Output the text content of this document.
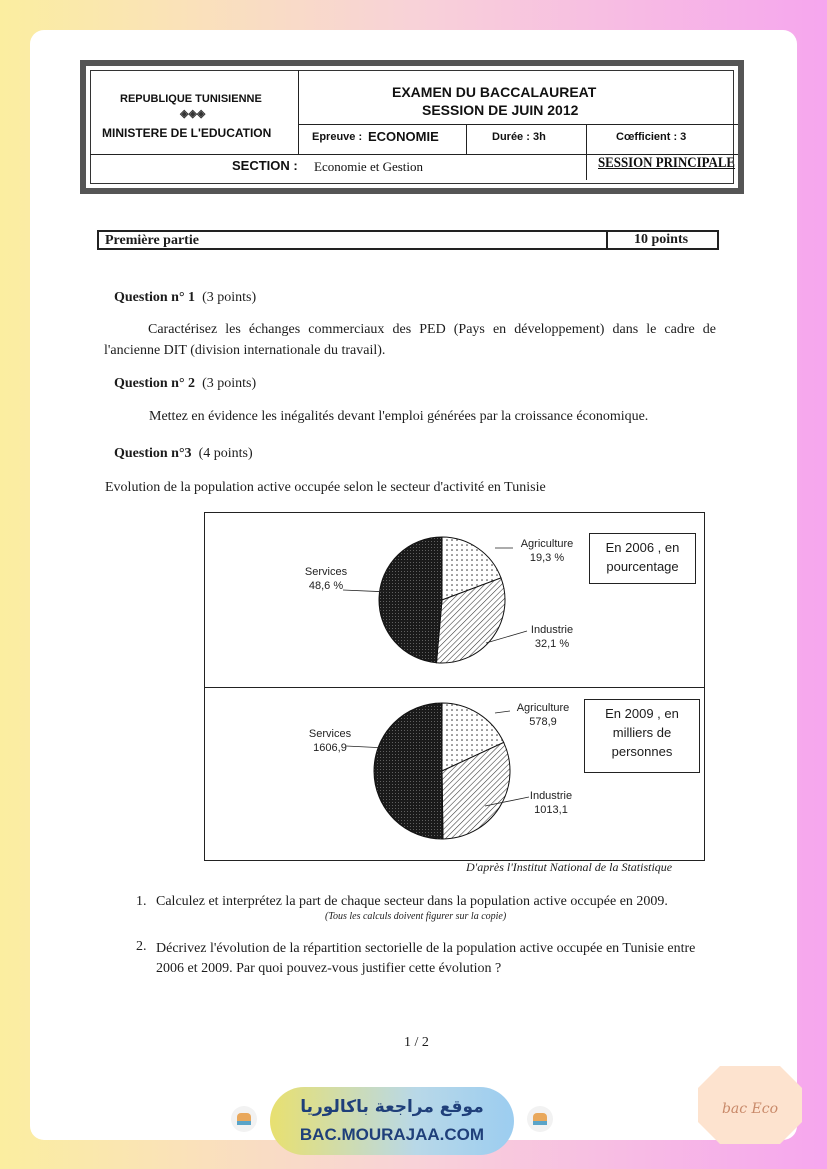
REPUBLIQUE TUNISIENNE
◈◈◈
MINISTERE DE L'EDUCATION
EXAMEN DU BACCALAUREAT
SESSION DE JUIN 2012
Epreuve : ECONOMIE	Durée : 3h	Cœfficient : 3
SECTION : Economie et Gestion	SESSION PRINCIPALE
Première partie	10 points
Question n° 1 (3 points)
Caractérisez les échanges commerciaux des PED (Pays en développement) dans le cadre de l'ancienne DIT (division internationale du travail).
Question n° 2 (3 points)
Mettez en évidence les inégalités devant l'emploi générées par la croissance économique.
Question n°3 (4 points)
Evolution de la population active occupée selon le secteur d'activité en Tunisie
Agriculture
19,3 %
Industrie
32,1 %
Services
48,6 %
Agriculture
578,9
Industrie
1013,1
Services
1606,9
En 2006 , en
pourcentage
En 2009 , en
milliers de
personnes
D'après l'Institut National de la Statistique
1. Calculez et interprétez la part de chaque secteur dans la population active occupée en 2009.
(Tous les calculs doivent figurer sur la copie)
2. Décrivez l'évolution de la répartition sectorielle de la population active occupée en Tunisie entre 2006 et 2009. Par quoi pouvez-vous justifier cette évolution ?
1 / 2
موقع مراجعة باكالوريا
BAC.MOURAJAA.COM
bac Eco
